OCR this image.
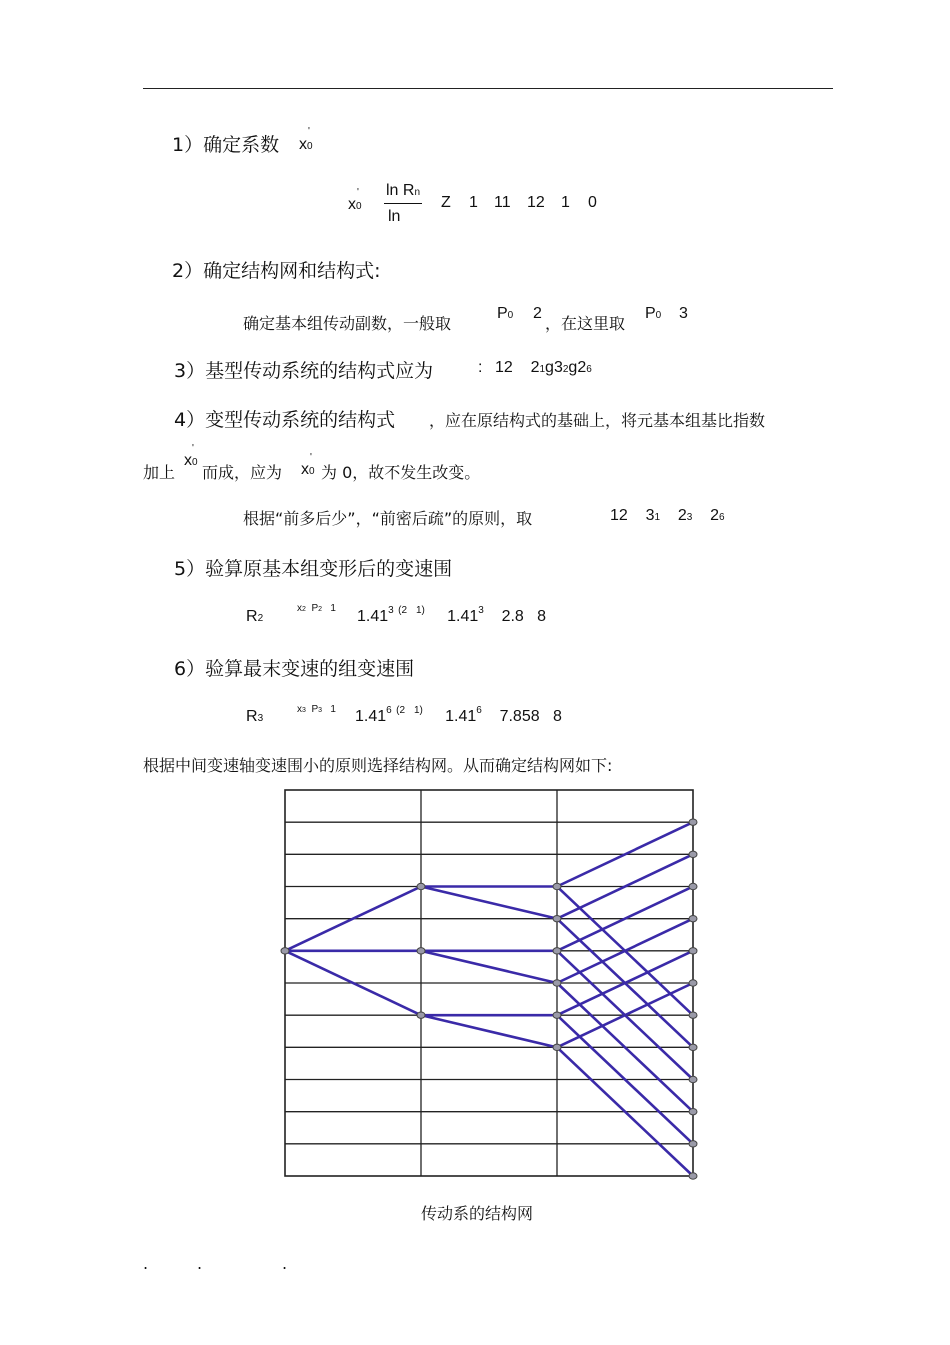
1）确定系数 x0
'
x0
' ln Rn
ln
Z 1 11 12 1 0
2）确定结构网和结构式:
确定基本组传动副数，一般取
P0 2
，在这里取
P0 3
3）基型传动系统的结构式应为	: 12 21g32g26
4）变型传动系统的结构式 ，应在原结构式的基础上，将元基本组基比指数
加上
x0
'
而成，应为 x0
'
为 0，故不发生改变。
根据“前多后少”，“前密后疏”的原则，取	12 31 23 26
5）验算原基本组变形后的变速围
R2
x2 P2 1 1.41$^3$ $^{(2}$ $^{1)}$ 1.41$^3$ 2.8 8
6）验算最末变速的组变速围
R3
x3 P3 1 1.41$^6$ $^{(2}$ $^{1)}$ 1.41$^6$ 7.858 8
根据中间变速轴变速围小的原则选择结构网。从而确定结构网如下:
传动系的结构网
.	.	.
